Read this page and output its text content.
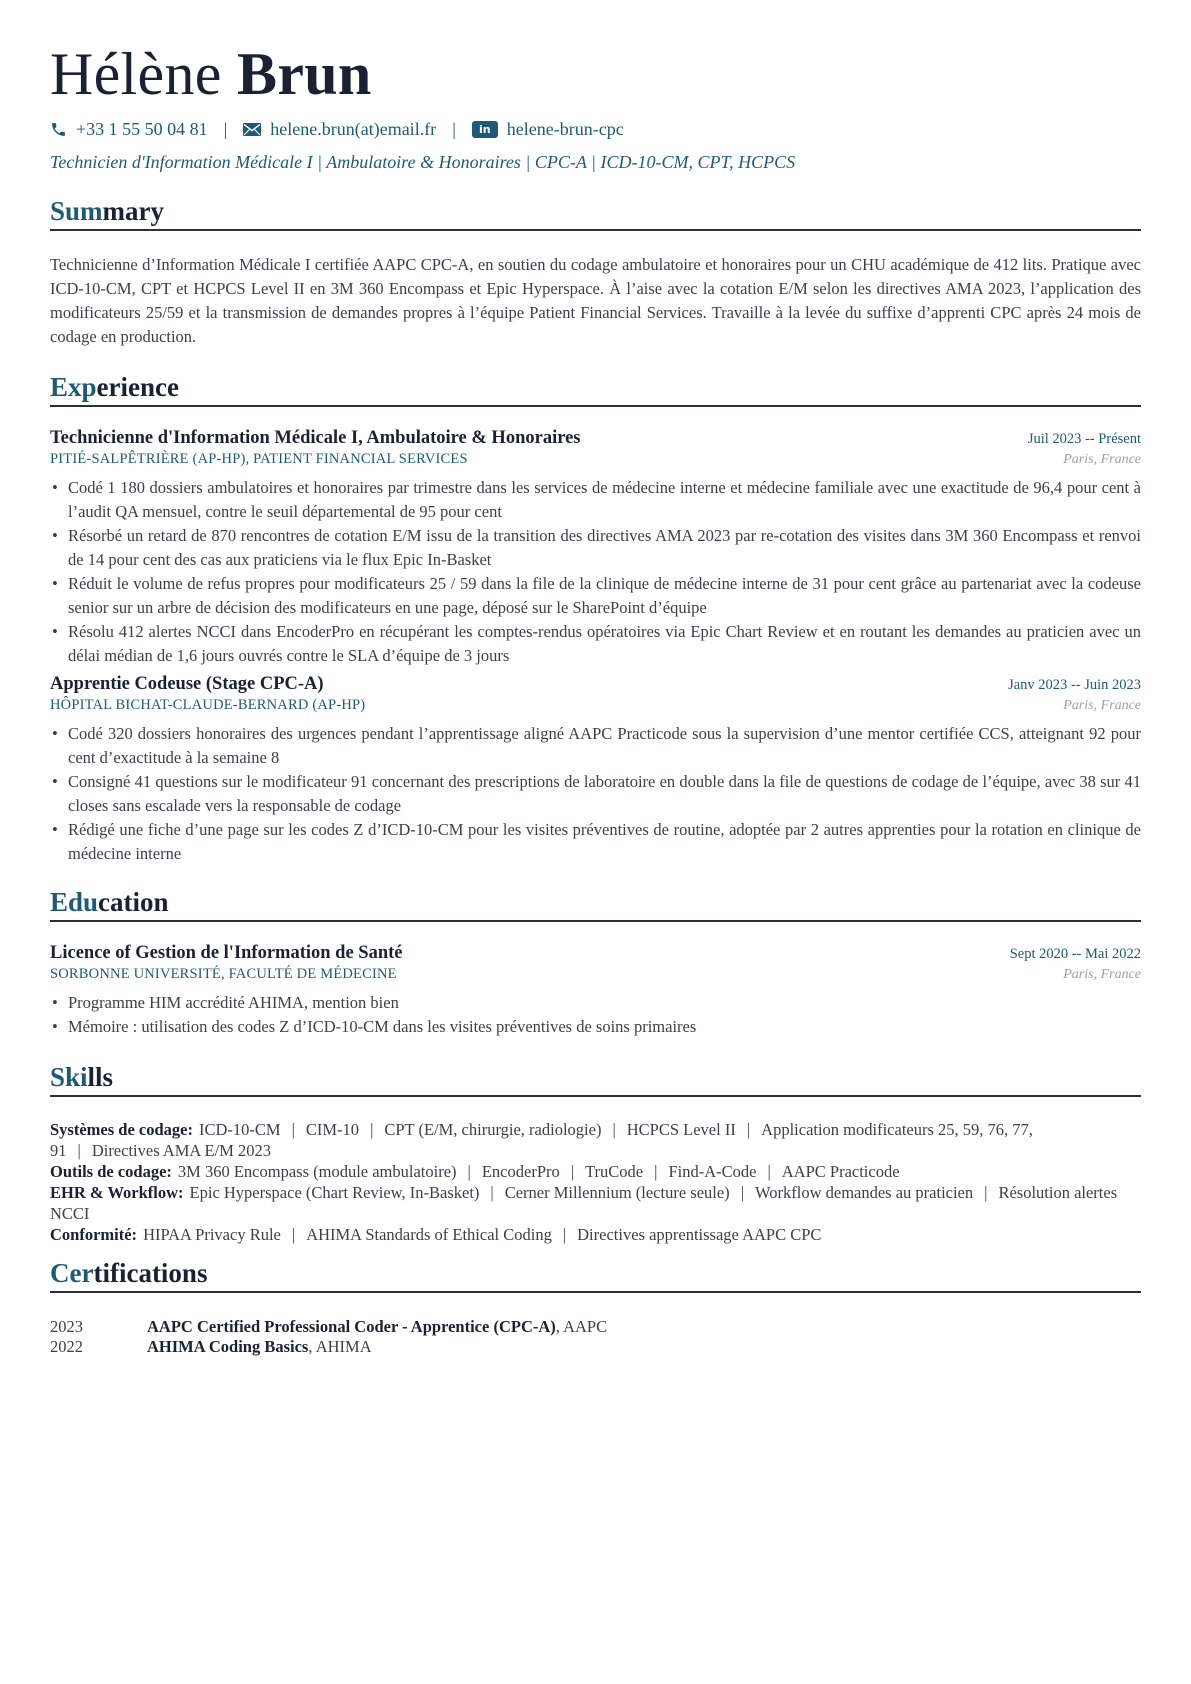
Hélène Brun
+33 1 55 50 04 81 | helene.brun(at)email.fr |	in helene-brun-cpc
Technicien d'Information Médicale I | Ambulatoire & Honoraires | CPC-A | ICD-10-CM, CPT, HCPCS
Summary

Technicienne d’Information Médicale I certifiée AAPC CPC-A, en soutien du codage ambulatoire et honoraires pour un CHU académique de 412 lits. Pratique avec ICD-10-CM, CPT et HCPCS Level II en 3M 360 Encompass et Epic Hyperspace. À l’aise avec la cotation E/M selon les directives AMA 2023, l’application des modificateurs 25/59 et la transmission de demandes propres à l’équipe Patient Financial Services. Travaille à la levée du suffixe d’apprenti CPC après 24 mois de codage en production.

Experience
Technicienne d'Information Médicale I, Ambulatoire & Honoraires	Juil 2023 -- Présent
PITIÉ-SALPÊTRIÈRE (AP-HP), PATIENT FINANCIAL SERVICES	Paris, France
• Codé 1 180 dossiers ambulatoires et honoraires par trimestre dans les services de médecine interne et médecine familiale avec une exactitude de 96,4 pour cent à l’audit QA mensuel, contre le seuil départemental de 95 pour cent
• Résorbé un retard de 870 rencontres de cotation E/M issu de la transition des directives AMA 2023 par re-cotation des visites dans 3M 360 Encompass et renvoi de 14 pour cent des cas aux praticiens via le flux Epic In-Basket
• Réduit le volume de refus propres pour modificateurs 25 / 59 dans la file de la clinique de médecine interne de 31 pour cent grâce au partenariat avec la codeuse senior sur un arbre de décision des modificateurs en une page, déposé sur le SharePoint d’équipe
• Résolu 412 alertes NCCI dans EncoderPro en récupérant les comptes-rendus opératoires via Epic Chart Review et en routant les demandes au praticien avec un délai médian de 1,6 jours ouvrés contre le SLA d’équipe de 3 jours
Apprentie Codeuse (Stage CPC-A)	Janv 2023 -- Juin 2023
HÔPITAL BICHAT-CLAUDE-BERNARD (AP-HP)	Paris, France
• Codé 320 dossiers honoraires des urgences pendant l’apprentissage aligné AAPC Practicode sous la supervision d’une mentor certifiée CCS, atteignant 92 pour cent d’exactitude à la semaine 8
• Consigné 41 questions sur le modificateur 91 concernant des prescriptions de laboratoire en double dans la file de questions de codage de l’équipe, avec 38 sur 41 closes sans escalade vers la responsable de codage
• Rédigé une fiche d’une page sur les codes Z d’ICD-10-CM pour les visites préventives de routine, adoptée par 2 autres apprenties pour la rotation en clinique de médecine interne
Education
Licence of Gestion de l'Information de Santé	Sept 2020 -- Mai 2022
SORBONNE UNIVERSITÉ, FACULTÉ DE MÉDECINE	Paris, France
• Programme HIM accrédité AHIMA, mention bien
• Mémoire : utilisation des codes Z d’ICD-10-CM dans les visites préventives de soins primaires
Skills
Systèmes de codage: ICD-10-CM | CIM-10 | CPT (E/M, chirurgie, radiologie) | HCPCS Level II | Application modificateurs 25, 59, 76, 77, 91 | Directives AMA E/M 2023
Outils de codage: 3M 360 Encompass (module ambulatoire) | EncoderPro | TruCode | Find-A-Code | AAPC Practicode
EHR & Workflow: Epic Hyperspace (Chart Review, In-Basket) | Cerner Millennium (lecture seule) | Workflow demandes au praticien | Résolution alertes NCCI
Conformité: HIPAA Privacy Rule | AHIMA Standards of Ethical Coding | Directives apprentissage AAPC CPC
Certifications
2023	AAPC Certified Professional Coder - Apprentice (CPC-A), AAPC
2022	AHIMA Coding Basics, AHIMA
